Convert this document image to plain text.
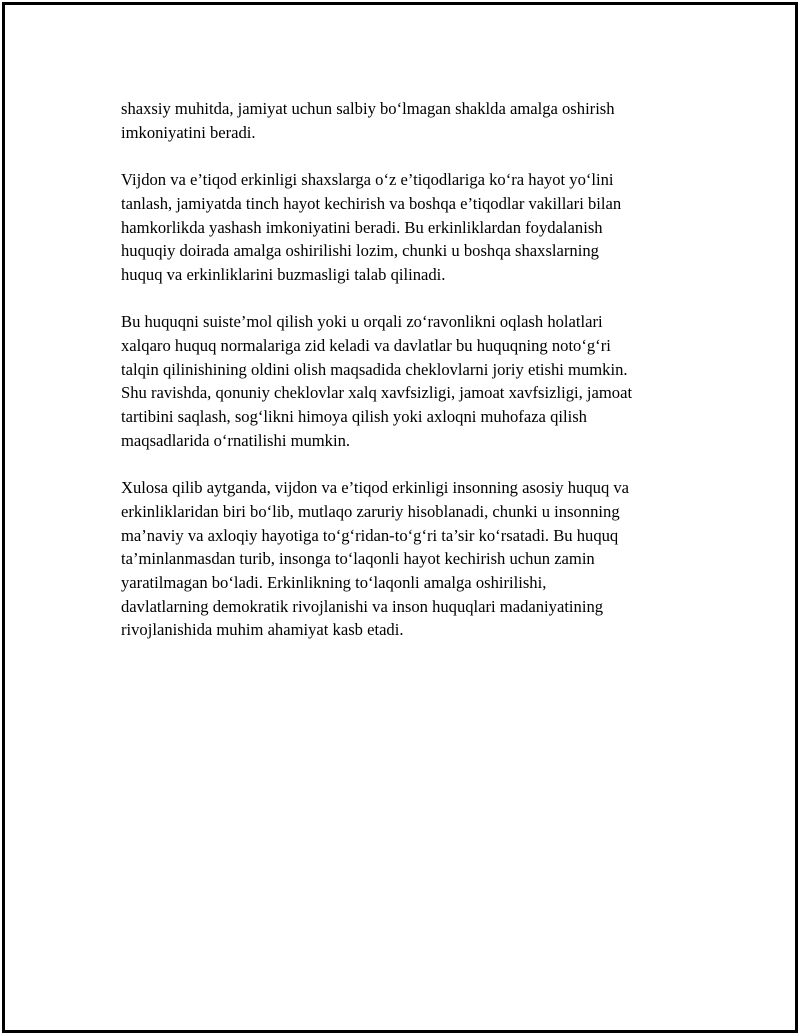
shaxsiy muhitda, jamiyat uchun salbiy bo‘lmagan shaklda amalga oshirish
imkoniyatini beradi.

Vijdon va e’tiqod erkinligi shaxslarga o‘z e’tiqodlariga ko‘ra hayot yo‘lini
tanlash, jamiyatda tinch hayot kechirish va boshqa e’tiqodlar vakillari bilan
hamkorlikda yashash imkoniyatini beradi. Bu erkinliklardan foydalanish
huquqiy doirada amalga oshirilishi lozim, chunki u boshqa shaxslarning
huquq va erkinliklarini buzmasligi talab qilinadi.

Bu huquqni suiste’mol qilish yoki u orqali zo‘ravonlikni oqlash holatlari
xalqaro huquq normalariga zid keladi va davlatlar bu huquqning noto‘g‘ri
talqin qilinishining oldini olish maqsadida cheklovlarni joriy etishi mumkin.
Shu ravishda, qonuniy cheklovlar xalq xavfsizligi, jamoat xavfsizligi, jamoat
tartibini saqlash, sog‘likni himoya qilish yoki axloqni muhofaza qilish
maqsadlarida o‘rnatilishi mumkin.

Xulosa qilib aytganda, vijdon va e’tiqod erkinligi insonning asosiy huquq va
erkinliklaridan biri bo‘lib, mutlaqo zaruriy hisoblanadi, chunki u insonning
ma’naviy va axloqiy hayotiga to‘g‘ridan-to‘g‘ri ta’sir ko‘rsatadi. Bu huquq
ta’minlanmasdan turib, insonga to‘laqonli hayot kechirish uchun zamin
yaratilmagan bo‘ladi. Erkinlikning to‘laqonli amalga oshirilishi,
davlatlarning demokratik rivojlanishi va inson huquqlari madaniyatining
rivojlanishida muhim ahamiyat kasb etadi.
